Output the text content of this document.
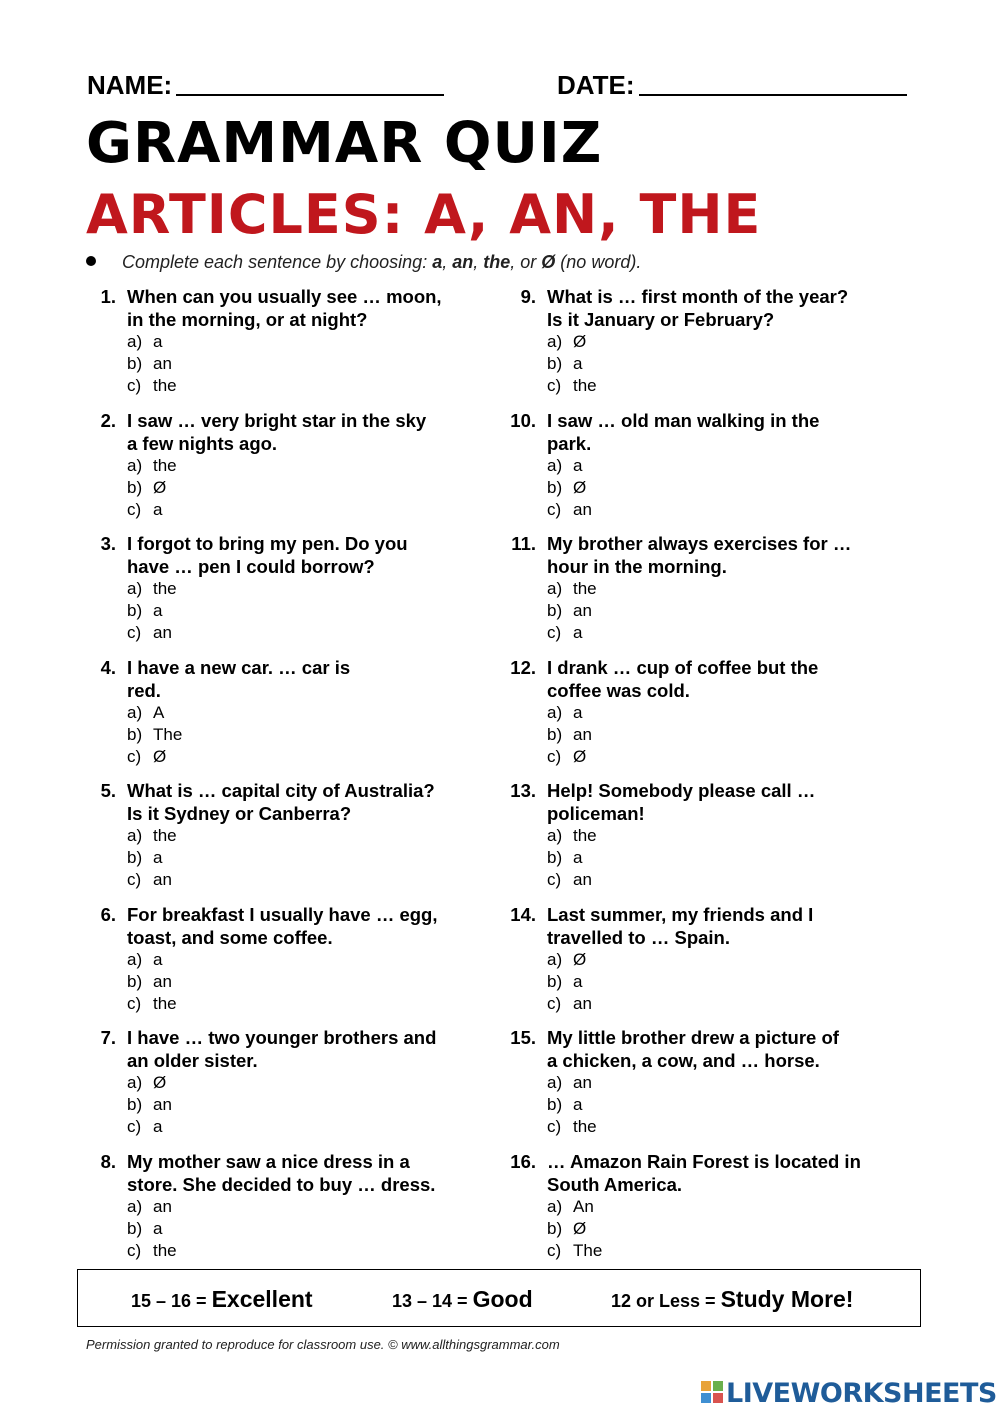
NAME:	DATE:
GRAMMAR QUIZ
ARTICLES: A, AN, THE
Complete each sentence by choosing: a, an, the, or Ø (no word).
1. When can you usually see … moon,
in the morning, or at night?
a) a
b) an
c) the
2. I saw … very bright star in the sky
a few nights ago.
a) the
b) Ø
c) a
3. I forgot to bring my pen. Do you
have … pen I could borrow?
a) the
b) a
c) an
4. I have a new car. … car is
red.
a) A
b) The
c) Ø
5. What is … capital city of Australia?
Is it Sydney or Canberra?
a) the
b) a
c) an
6. For breakfast I usually have … egg,
toast, and some coffee.
a) a
b) an
c) the
7. I have … two younger brothers and
an older sister.
a) Ø
b) an
c) a
8. My mother saw a nice dress in a
store. She decided to buy … dress.
a) an
b) a
c) the
9. What is … first month of the year?
Is it January or February?
a) Ø
b) a
c) the
10. I saw … old man walking in the
park.
a) a
b) Ø
c) an
11. My brother always exercises for …
hour in the morning.
a) the
b) an
c) a
12. I drank … cup of coffee but the
coffee was cold.
a) a
b) an
c) Ø
13. Help! Somebody please call …
policeman!
a) the
b) a
c) an
14. Last summer, my friends and I
travelled to … Spain.
a) Ø
b) a
c) an
15. My little brother drew a picture of
a chicken, a cow, and … horse.
a) an
b) a
c) the
16. … Amazon Rain Forest is located in
South America.
a) An
b) Ø
c) The
15 – 16 = Excellent	13 – 14 = Good	12 or Less = Study More!
Permission granted to reproduce for classroom use. © www.allthingsgrammar.com
LIVEWORKSHEETS
